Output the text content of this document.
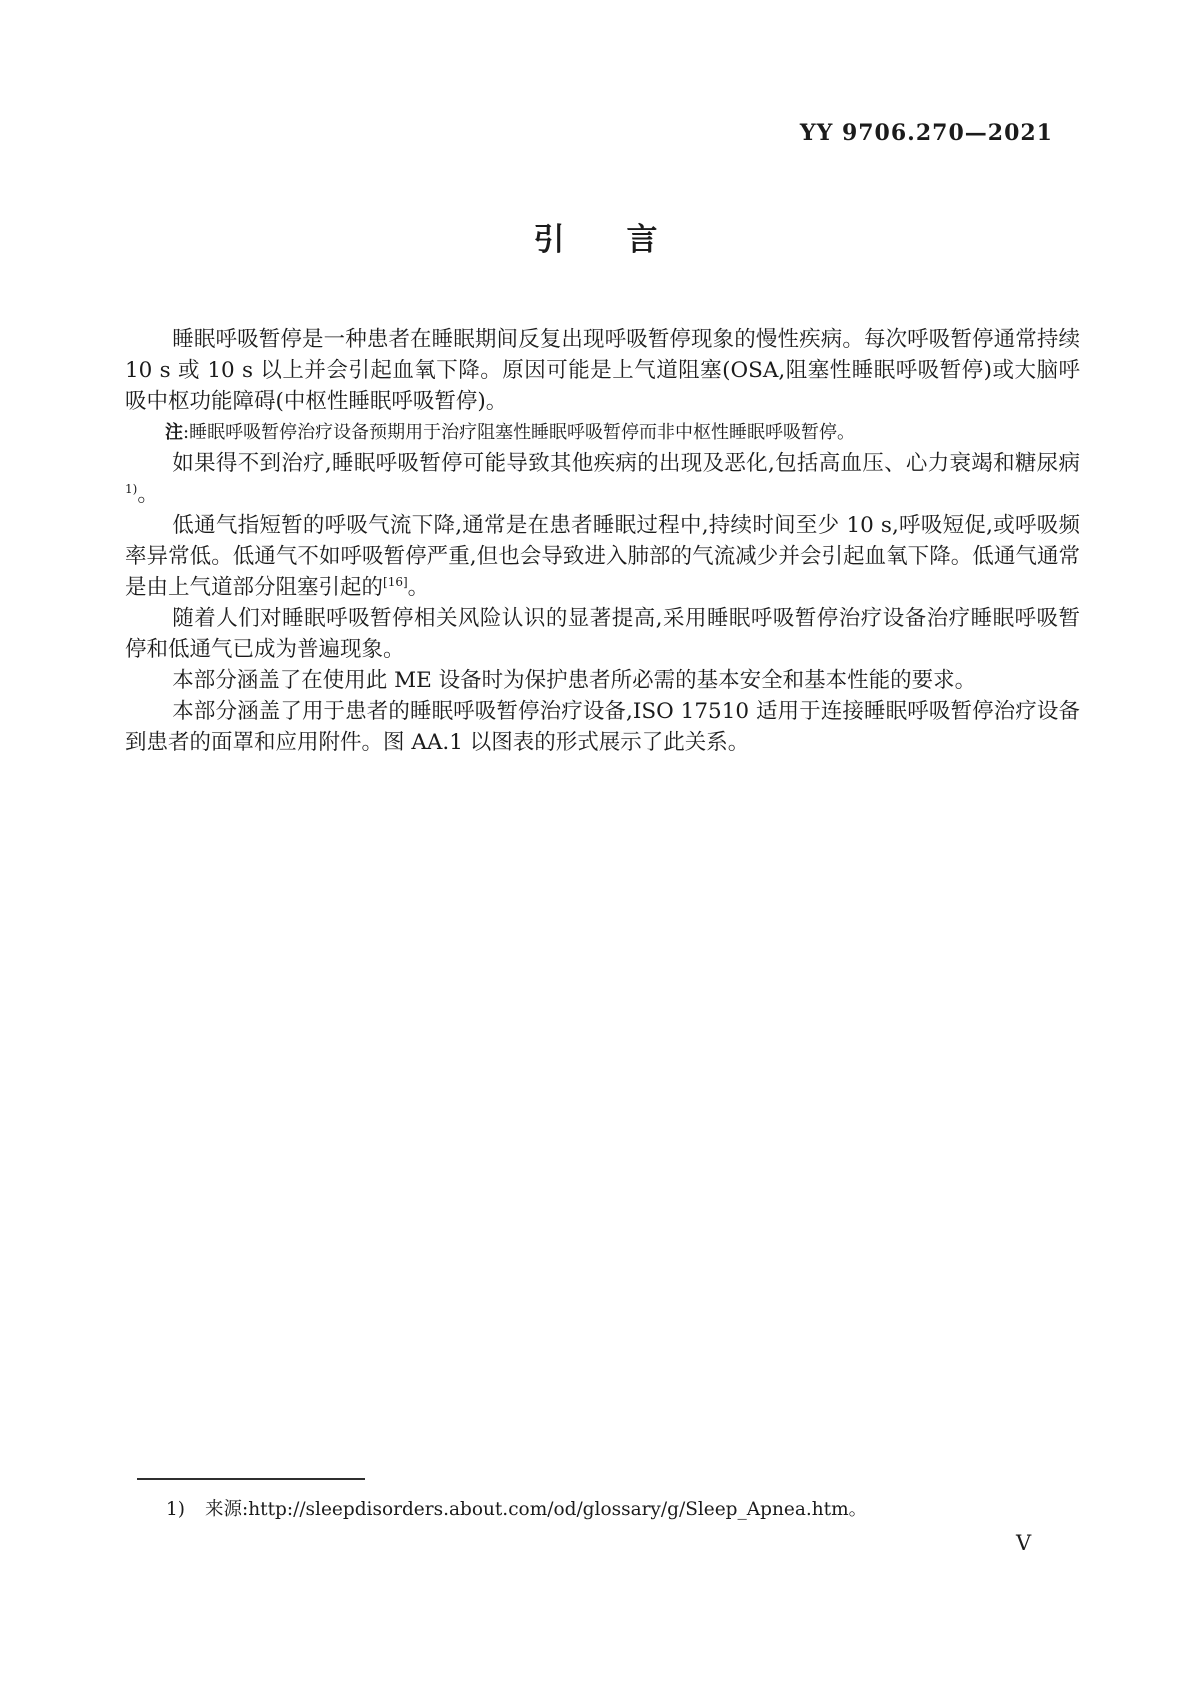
YY 9706.270—2021
引　　言

睡眠呼吸暂停是一种患者在睡眠期间反复出现呼吸暂停现象的慢性疾病。每次呼吸暂停通常持续10 s 或 10 s 以上并会引起血氧下降。原因可能是上气道阻塞(OSA,阻塞性睡眠呼吸暂停)或大脑呼吸中枢功能障碍(中枢性睡眠呼吸暂停)。

注:睡眠呼吸暂停治疗设备预期用于治疗阻塞性睡眠呼吸暂停而非中枢性睡眠呼吸暂停。

如果得不到治疗,睡眠呼吸暂停可能导致其他疾病的出现及恶化,包括高血压、心力衰竭和糖尿病$^{1)}$。

低通气指短暂的呼吸气流下降,通常是在患者睡眠过程中,持续时间至少 10 s,呼吸短促,或呼吸频率异常低。低通气不如呼吸暂停严重,但也会导致进入肺部的气流减少并会引起血氧下降。低通气通常是由上气道部分阻塞引起的[16]。

随着人们对睡眠呼吸暂停相关风险认识的显著提高,采用睡眠呼吸暂停治疗设备治疗睡眠呼吸暂停和低通气已成为普遍现象。

本部分涵盖了在使用此 ME 设备时为保护患者所必需的基本安全和基本性能的要求。

本部分涵盖了用于患者的睡眠呼吸暂停治疗设备,ISO 17510 适用于连接睡眠呼吸暂停治疗设备到患者的面罩和应用附件。图 AA.1 以图表的形式展示了此关系。

1) 来源:http://sleepdisorders.about.com/od/glossary/g/Sleep_Apnea.htm。
V
